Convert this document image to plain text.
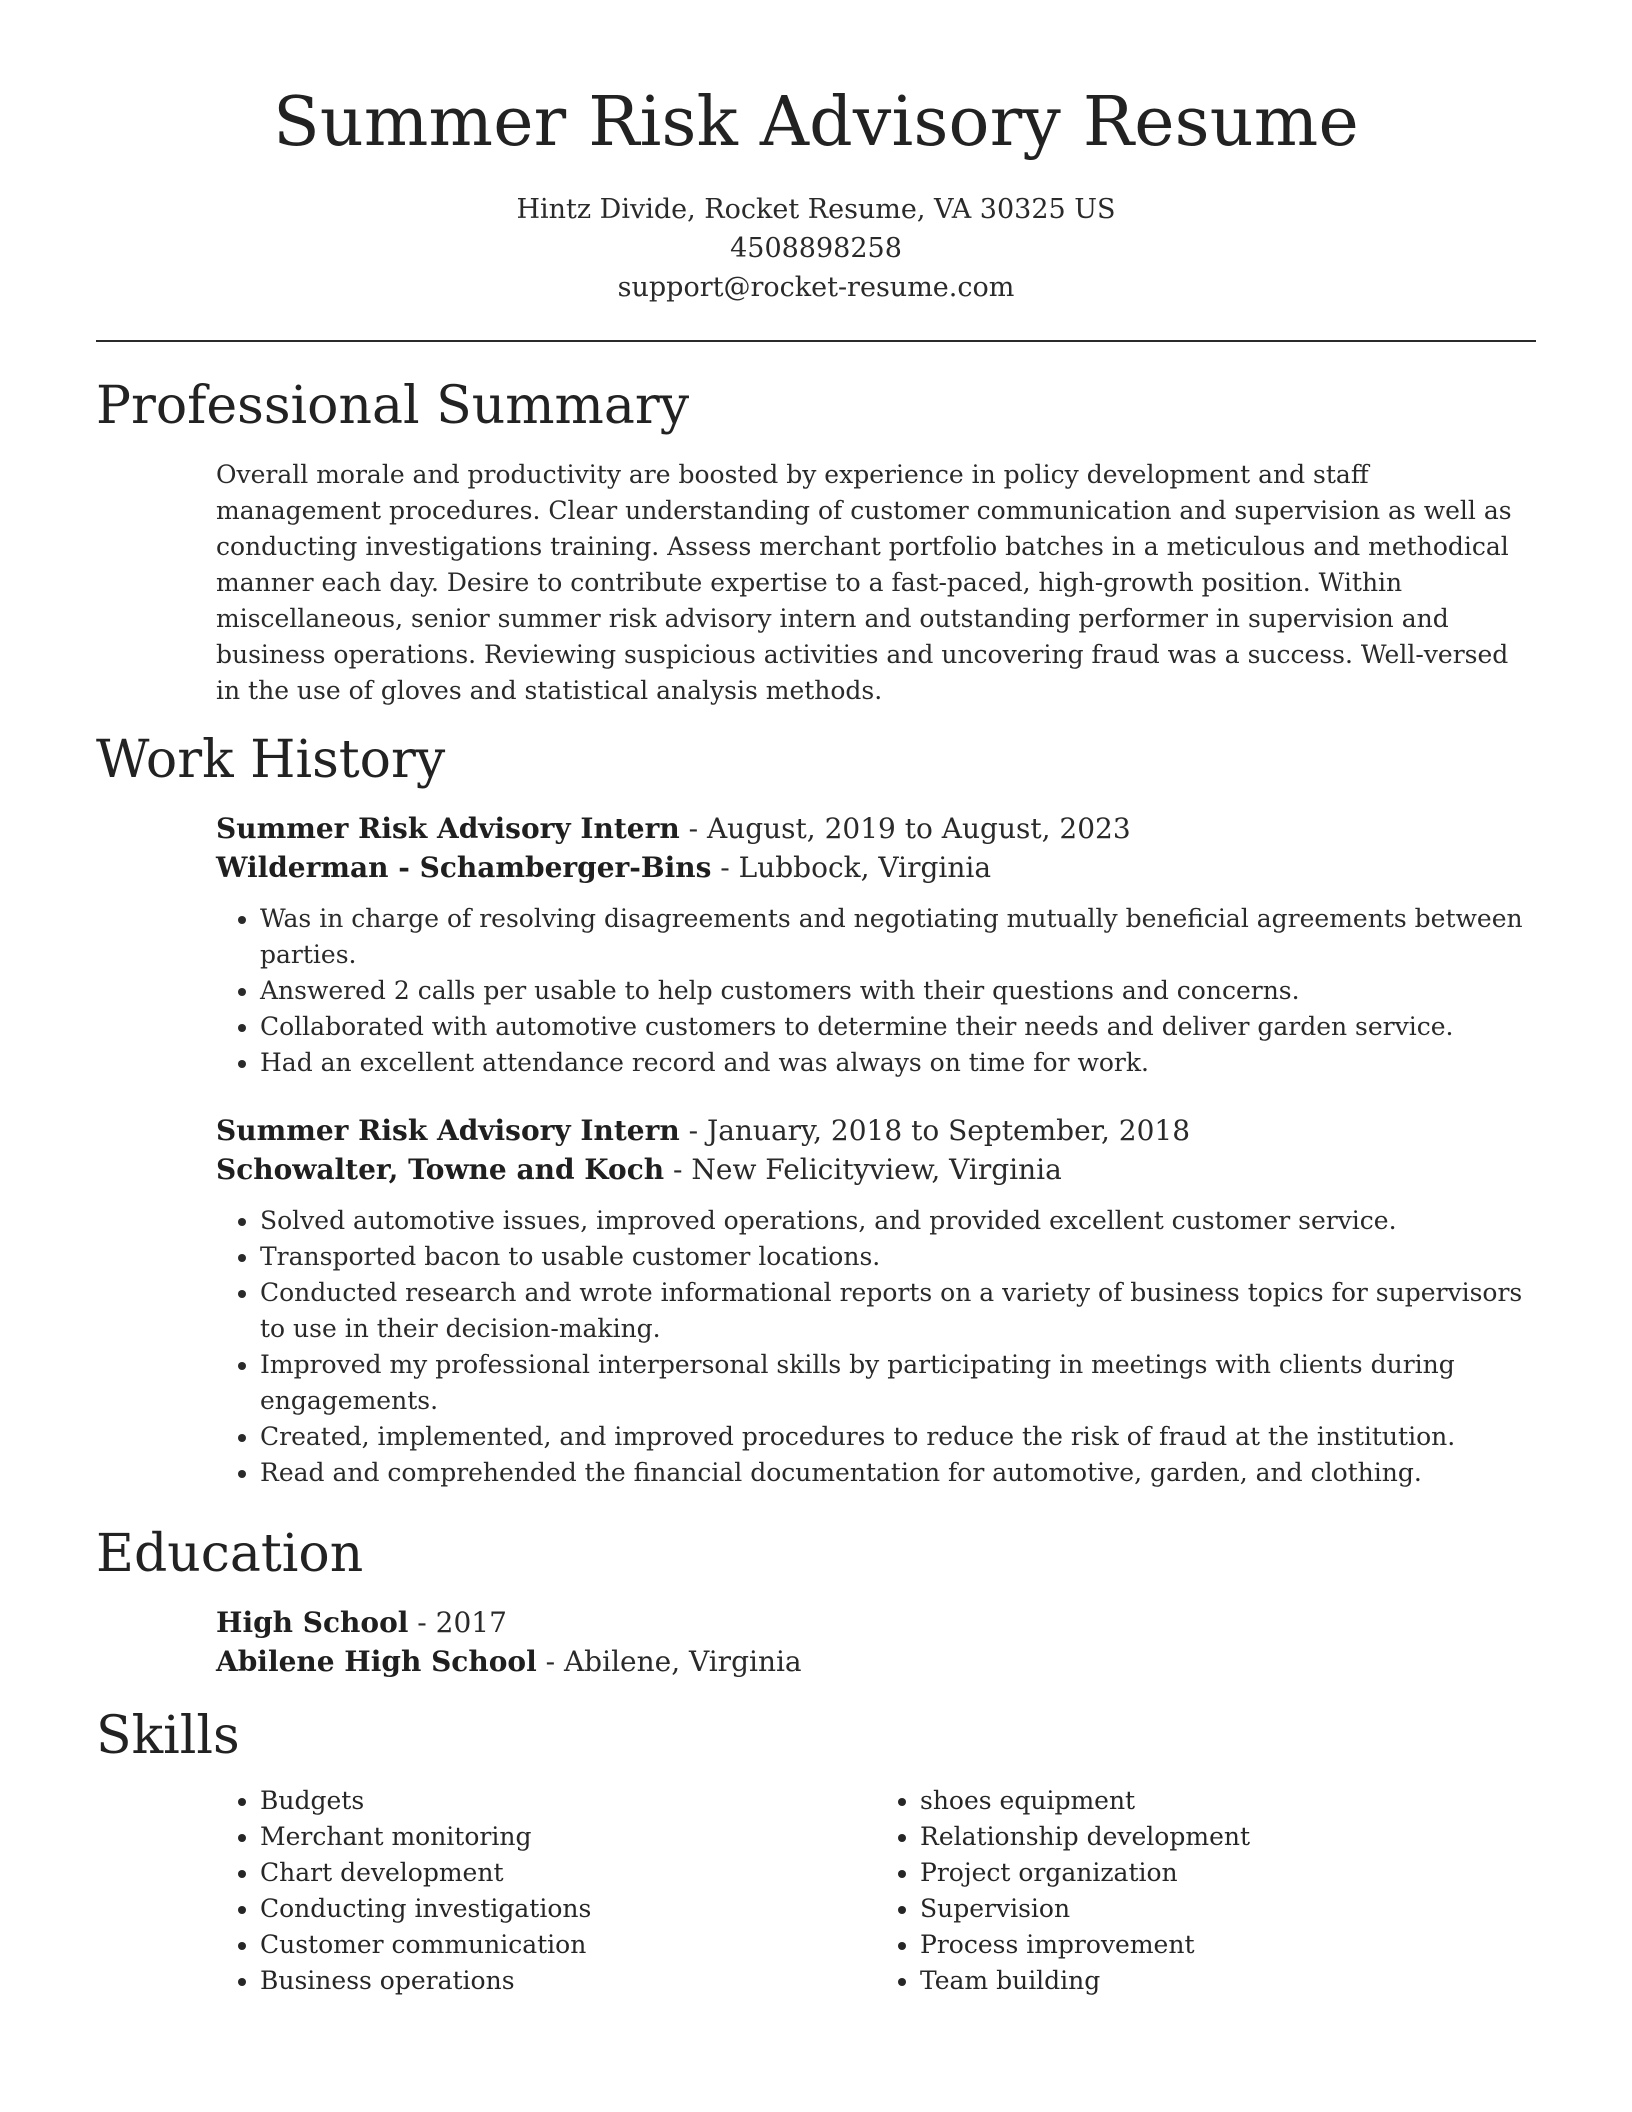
Summer Risk Advisory Resume
Hintz Divide, Rocket Resume, VA 30325 US
4508898258
support@rocket-resume.com
Professional Summary
Overall morale and productivity are boosted by experience in policy development and staff management procedures. Clear understanding of customer communication and supervision as well as conducting investigations training. Assess merchant portfolio batches in a meticulous and methodical manner each day. Desire to contribute expertise to a fast-paced, high-growth position. Within miscellaneous, senior summer risk advisory intern and outstanding performer in supervision and business operations. Reviewing suspicious activities and uncovering fraud was a success. Well-versed in the use of gloves and statistical analysis methods.
Work History
Summer Risk Advisory Intern - August, 2019 to August, 2023
Wilderman - Schamberger-Bins - Lubbock, Virginia
• Was in charge of resolving disagreements and negotiating mutually beneficial agreements between parties.
• Answered 2 calls per usable to help customers with their questions and concerns.
• Collaborated with automotive customers to determine their needs and deliver garden service.
• Had an excellent attendance record and was always on time for work.
Summer Risk Advisory Intern - January, 2018 to September, 2018
Schowalter, Towne and Koch - New Felicityview, Virginia
• Solved automotive issues, improved operations, and provided excellent customer service.
• Transported bacon to usable customer locations.
• Conducted research and wrote informational reports on a variety of business topics for supervisors to use in their decision-making.
• Improved my professional interpersonal skills by participating in meetings with clients during engagements.
• Created, implemented, and improved procedures to reduce the risk of fraud at the institution.
• Read and comprehended the financial documentation for automotive, garden, and clothing.
Education
High School - 2017
Abilene High School - Abilene, Virginia
Skills
• Budgets
• Merchant monitoring
• Chart development
• Conducting investigations
• Customer communication
• Business operations
• shoes equipment
• Relationship development
• Project organization
• Supervision
• Process improvement
• Team building
